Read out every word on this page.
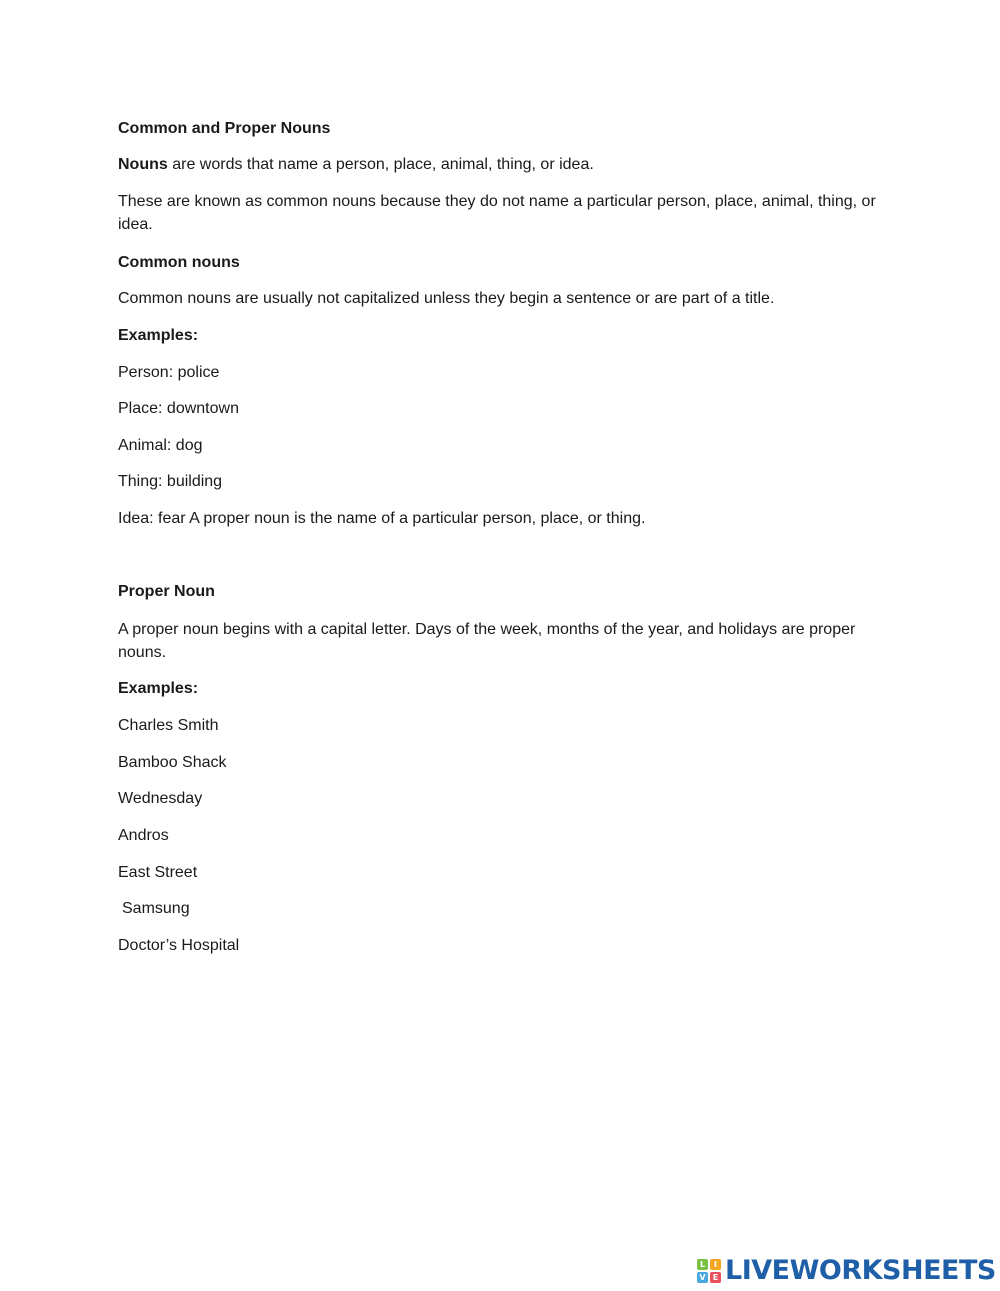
Common and Proper Nouns
Nouns are words that name a person, place, animal, thing, or idea.
These are known as common nouns because they do not name a particular person, place, animal, thing, or idea.
Common nouns
Common nouns are usually not capitalized unless they begin a sentence or are part of a title.
Examples:
Person: police
Place: downtown
Animal: dog
Thing: building
Idea: fear A proper noun is the name of a particular person, place, or thing.
Proper Noun
A proper noun begins with a capital letter. Days of the week, months of the year, and holidays are proper nouns.
Examples:
Charles Smith
Bamboo Shack
Wednesday
Andros
East Street
Samsung
Doctor’s Hospital
L	I
V E LIVEWORKSHEETS
